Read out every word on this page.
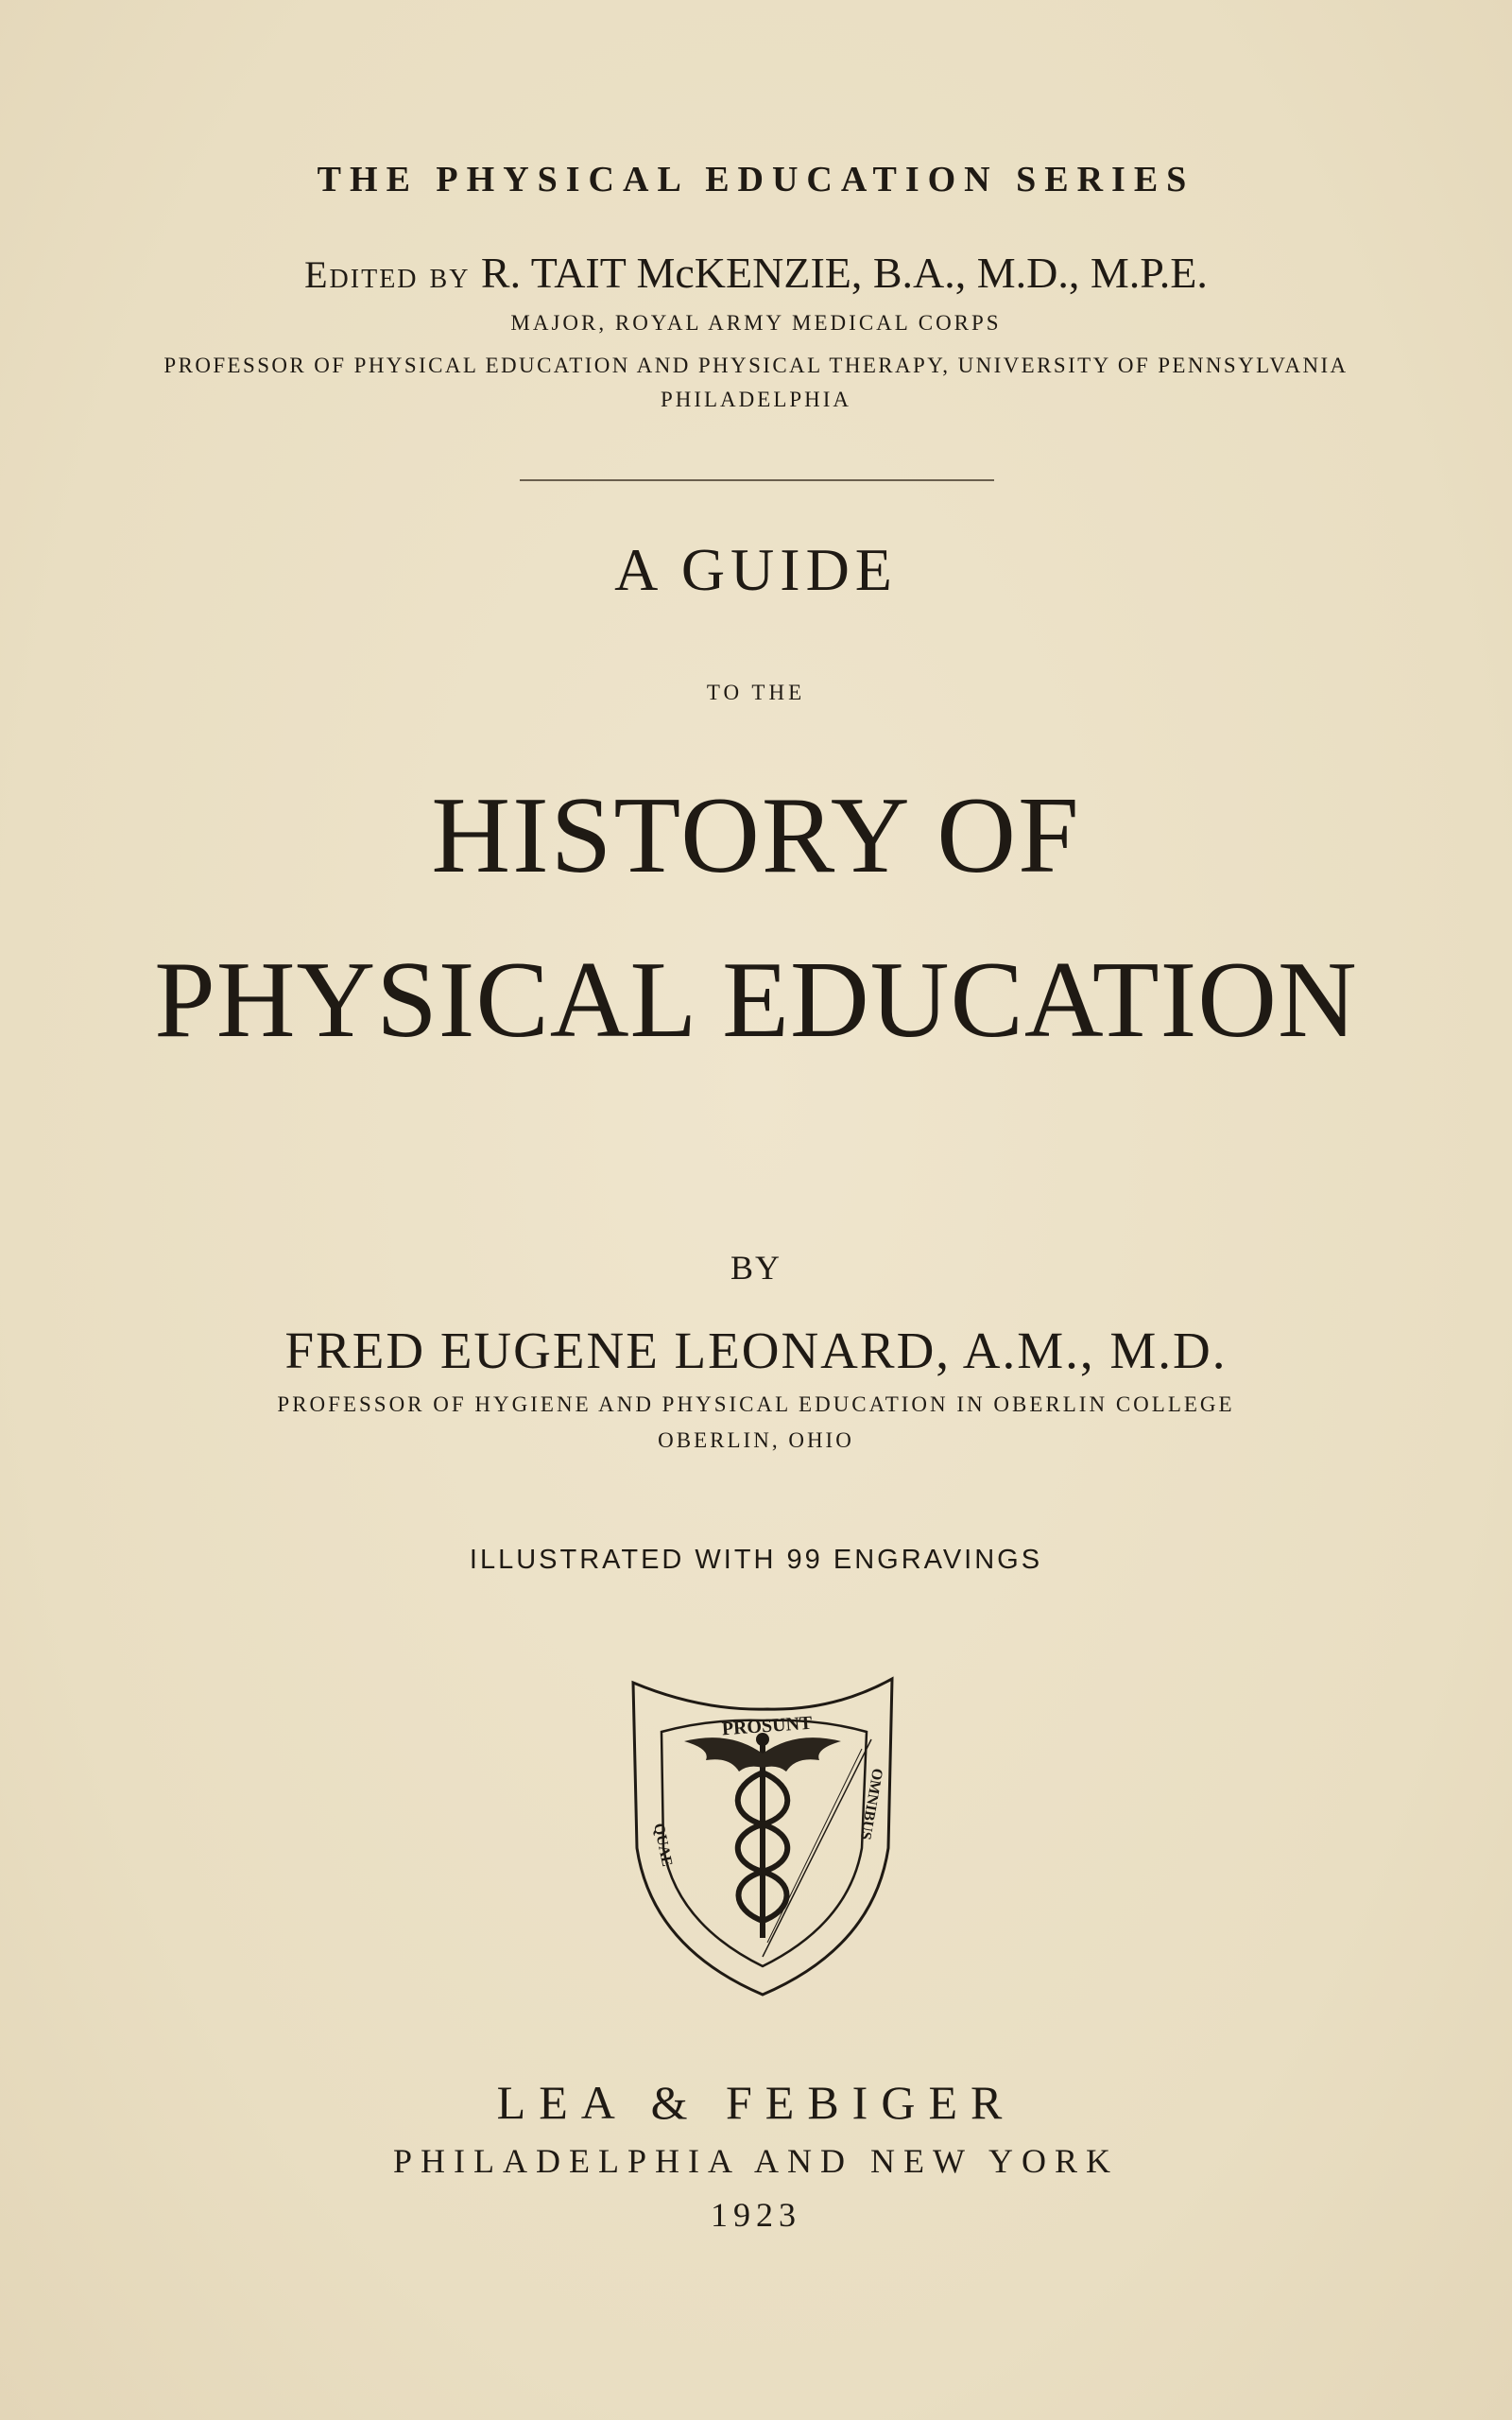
THE PHYSICAL EDUCATION SERIES
Edited by R. TAIT McKENZIE, B.A., M.D., M.P.E.
MAJOR, ROYAL ARMY MEDICAL CORPS
PROFESSOR OF PHYSICAL EDUCATION AND PHYSICAL THERAPY, UNIVERSITY OF PENNSYLVANIA
PHILADELPHIA
A GUIDE
TO THE
HISTORY OF
PHYSICAL EDUCATION
BY
FRED EUGENE LEONARD, A.M., M.D.
PROFESSOR OF HYGIENE AND PHYSICAL EDUCATION IN OBERLIN COLLEGE
OBERLIN, OHIO
ILLUSTRATED WITH 99 ENGRAVINGS
PROSUNT
QUAE
OMNIBUS
LEA & FEBIGER
PHILADELPHIA AND NEW YORK
1923
